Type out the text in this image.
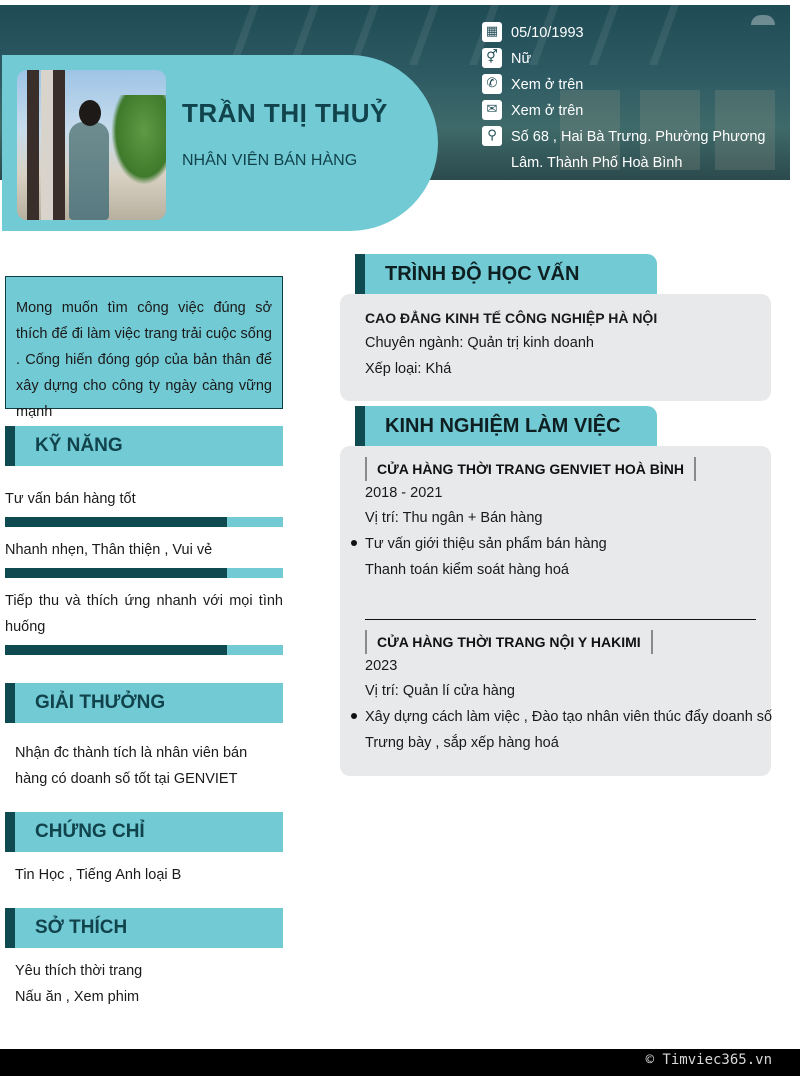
TRẦN THỊ THUỶ
NHÂN VIÊN BÁN HÀNG
▦ 05/10/1993
⚥ Nữ
✆ Xem ở trên
✉ Xem ở trên
⚲ Số 68 , Hai Bà Trưng. Phường Phương Lâm. Thành Phố Hoà Bình
Mong muốn tìm công việc đúng sở thích để đi làm việc trang trải cuộc sống . Cống hiến đóng góp của bản thân để xây dựng cho công ty ngày càng vững mạnh
KỸ NĂNG
Tư vấn bán hàng tốt
Nhanh nhẹn, Thân thiện , Vui vẻ
Tiếp thu và thích ứng nhanh với mọi tình huống
GIẢI THƯỞNG
Nhận đc thành tích là nhân viên bán hàng có doanh số tốt tại GENVIET
CHỨNG CHỈ
Tin Học , Tiếng Anh loại B
SỞ THÍCH
Yêu thích thời trang
Nấu ăn , Xem phim
TRÌNH ĐỘ HỌC VẤN
CAO ĐẲNG KINH TẾ CÔNG NGHIỆP HÀ NỘI
Chuyên ngành: Quản trị kinh doanh
Xếp loại: Khá
KINH NGHIỆM LÀM VIỆC
CỬA HÀNG THỜI TRANG GENVIET HOÀ BÌNH
2018 - 2021
Vị trí: Thu ngân + Bán hàng
Tư vấn giới thiệu sản phẩm bán hàng
Thanh toán kiểm soát hàng hoá
CỬA HÀNG THỜI TRANG NỘI Y HAKIMI
2023
Vị trí: Quản lí cửa hàng
Xây dựng cách làm việc , Đào tạo nhân viên thúc đẩy doanh số
Trưng bày , sắp xếp hàng hoá
© Timviec365.vn
